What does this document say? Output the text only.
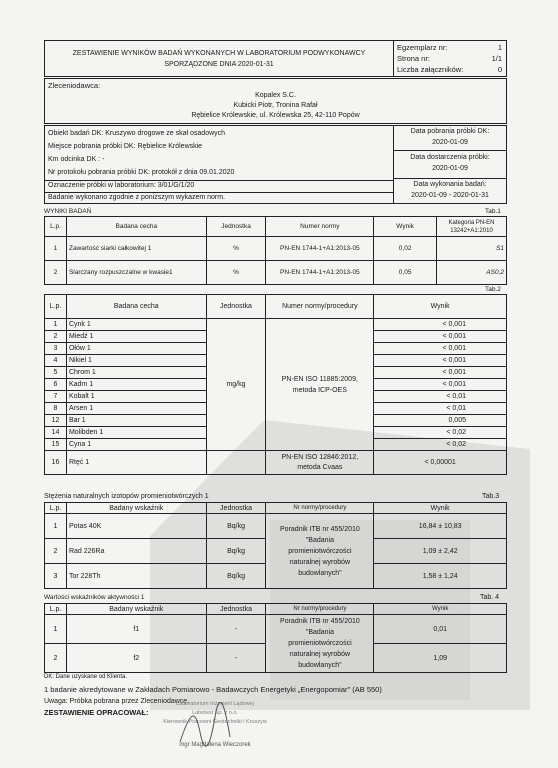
ZESTAWIENIE WYNIKÓW BADAŃ WYKONANYCH W LABORATORIUM PODWYKONAWCY
SPORZĄDZONE DNIA 2020-01-31
Egzemplarz nr:	1
Strona nr:	1/1
Liczba załączników:	0
Zleceniodawca:
Kopalex S.C.
Kubicki Piotr, Tronina Rafał
Rębielice Królewskie, ul. Królewska 25, 42-110 Popów
Obiekt badań DK: Kruszywo drogowe ze skał osadowych
Miejsce pobrania próbki DK: Rębielice Królewskie
Km odcinka DK : -
Nr protokołu pobrania próbki DK: protokół z dnia 09.01.2020
Oznaczenie próbki w laboratorium: 3/01/G/1/20
Badanie wykonano zgodnie z poniższym wykazem norm.
Data pobrania próbki DK:
2020-01-09
Data dostarczenia próbki:
2020-01-09
Data wykonania badań:
2020-01-09 - 2020-01-31
WYNIKI BADAŃ	Tab.1
L.p.	Badana cecha	Jednostka	Numer normy	Wynik	Kategoria PN-EN 13242+A1:2010
1	Zawartość siarki całkowitej 1	%	PN-EN 1744-1+A1:2013-05	0,02	S1
2	Siarczany rozpuszczalne w kwasie1	%	PN-EN 1744-1+A1:2013-05	0,05	AS0,2
Tab.2
L.p.	Badana cecha	Jednostka	Numer normy/procedury	Wynik
1	Cynk 1	mg/kg	PN-EN ISO 11885:2009, metoda ICP-OES	< 0,001
2	Miedź 1			< 0,001
3	Ołów 1			< 0,001
4	Nikiel 1			< 0,001
5	Chrom 1			< 0,001
6	Kadm 1			< 0,001
7	Kobalt 1			< 0,01
8	Arsen 1			< 0,01
12	Bar 1			0,005
14	Molibden 1			< 0,02
15	Cyna 1			< 0,02
16	Rtęć 1		PN-EN ISO 12846:2012, metoda Cvaas	< 0,00001
Stężenia naturalnych izotopów promieniotwórczych 1	Tab.3
L.p.	Badany wskaźnik	Jednostka	Nr normy/procedury	Wynik
1	Potas 40K	Bq/kg	Poradnik ITB nr 455/2010 "Badania promieniotwórczości naturalnej wyrobów budowlanych"	16,84 ± 10,83
2	Rad 226Ra	Bq/kg		1,09 ± 2,42
3	Tor 228Th	Bq/kg		1,58 ± 1,24
Wartości wskaźników aktywności 1	Tab. 4
L.p.	Badany wskaźnik	Jednostka	Nr normy/procedury	Wynik
1	f1	-	Poradnik ITB nr 455/2010 "Badania promieniotwórczości naturalnej wyrobów budowlanych"	0,01
2	f2	-		1,09
DK: Dane uzyskane od Klienta.
1 badanie akredytowane w Zakładach Pomiarowo - Badawczych Energetyki „Energopomiar" (AB 550)
Uwaga: Próbka pobrana przez Zleceniodawcę.
ZESTAWIENIE OPRACOWAŁ:
Laboratorium Inżynierii Lądowej
Labotest Sp. z o.o.
Kierownik Pracowni Geotechniki i Kruszyw
mgr Magdalena Wieczorek
